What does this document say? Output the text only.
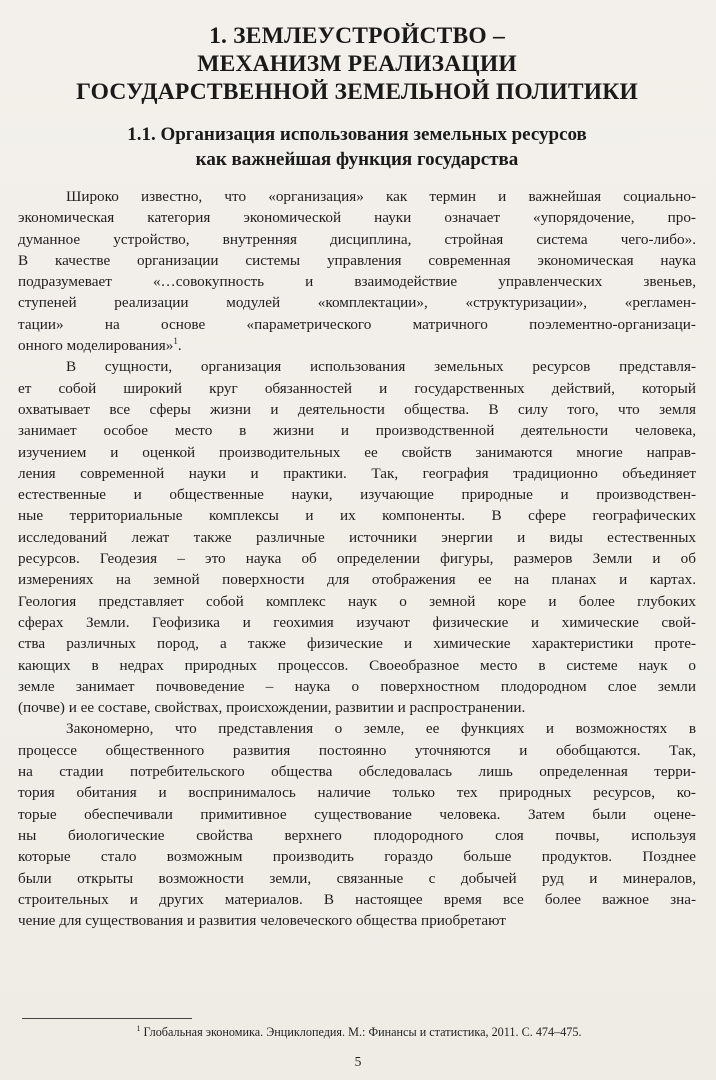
1. ЗЕМЛЕУСТРОЙСТВО –
МЕХАНИЗМ РЕАЛИЗАЦИИ
ГОСУДАРСТВЕННОЙ ЗЕМЕЛЬНОЙ ПОЛИТИКИ
1.1. Организация использования земельных ресурсов
как важнейшая функция государства

Широко известно, что «организация» как термин и важнейшая социально-
экономическая категория экономической науки означает «упорядочение, про-
думанное устройство, внутренняя дисциплина, стройная система чего-либо».
В качестве организации системы управления современная экономическая наука
подразумевает «…совокупность и взаимодействие управленческих звеньев,
ступеней реализации модулей «комплектации», «структуризации», «регламен-
тации» на основе «параметрического матричного поэлементно-организаци-
онного моделирования»$^1$.

В сущности, организация использования земельных ресурсов представля-
ет собой широкий круг обязанностей и государственных действий, который
охватывает все сферы жизни и деятельности общества. В силу того, что земля
занимает особое место в жизни и производственной деятельности человека,
изучением и оценкой производительных ее свойств занимаются многие направ-
ления современной науки и практики. Так, география традиционно объединяет
естественные и общественные науки, изучающие природные и производствен-
ные территориальные комплексы и их компоненты. В сфере географических
исследований лежат также различные источники энергии и виды естественных
ресурсов. Геодезия – это наука об определении фигуры, размеров Земли и об
измерениях на земной поверхности для отображения ее на планах и картах.
Геология представляет собой комплекс наук о земной коре и более глубоких
сферах Земли. Геофизика и геохимия изучают физические и химические свой-
ства различных пород, а также физические и химические характеристики проте-
кающих в недрах природных процессов. Своеобразное место в системе наук о
земле занимает почвоведение – наука о поверхностном плодородном слое земли
(почве) и ее составе, свойствах, происхождении, развитии и распространении.

Закономерно, что представления о земле, ее функциях и возможностях в
процессе общественного развития постоянно уточняются и обобщаются. Так,
на стадии потребительского общества обследовалась лишь определенная терри-
тория обитания и воспринималось наличие только тех природных ресурсов, ко-
торые обеспечивали примитивное существование человека. Затем были оцене-
ны биологические свойства верхнего плодородного слоя почвы, используя
которые стало возможным производить гораздо больше продуктов. Позднее
были открыты возможности земли, связанные с добычей руд и минералов,
строительных и других материалов. В настоящее время все более важное зна-
чение для существования и развития человеческого общества приобретают

$^1$ Глобальная экономика. Энциклопедия. М.: Финансы и статистика, 2011. С. 474–475.
5
